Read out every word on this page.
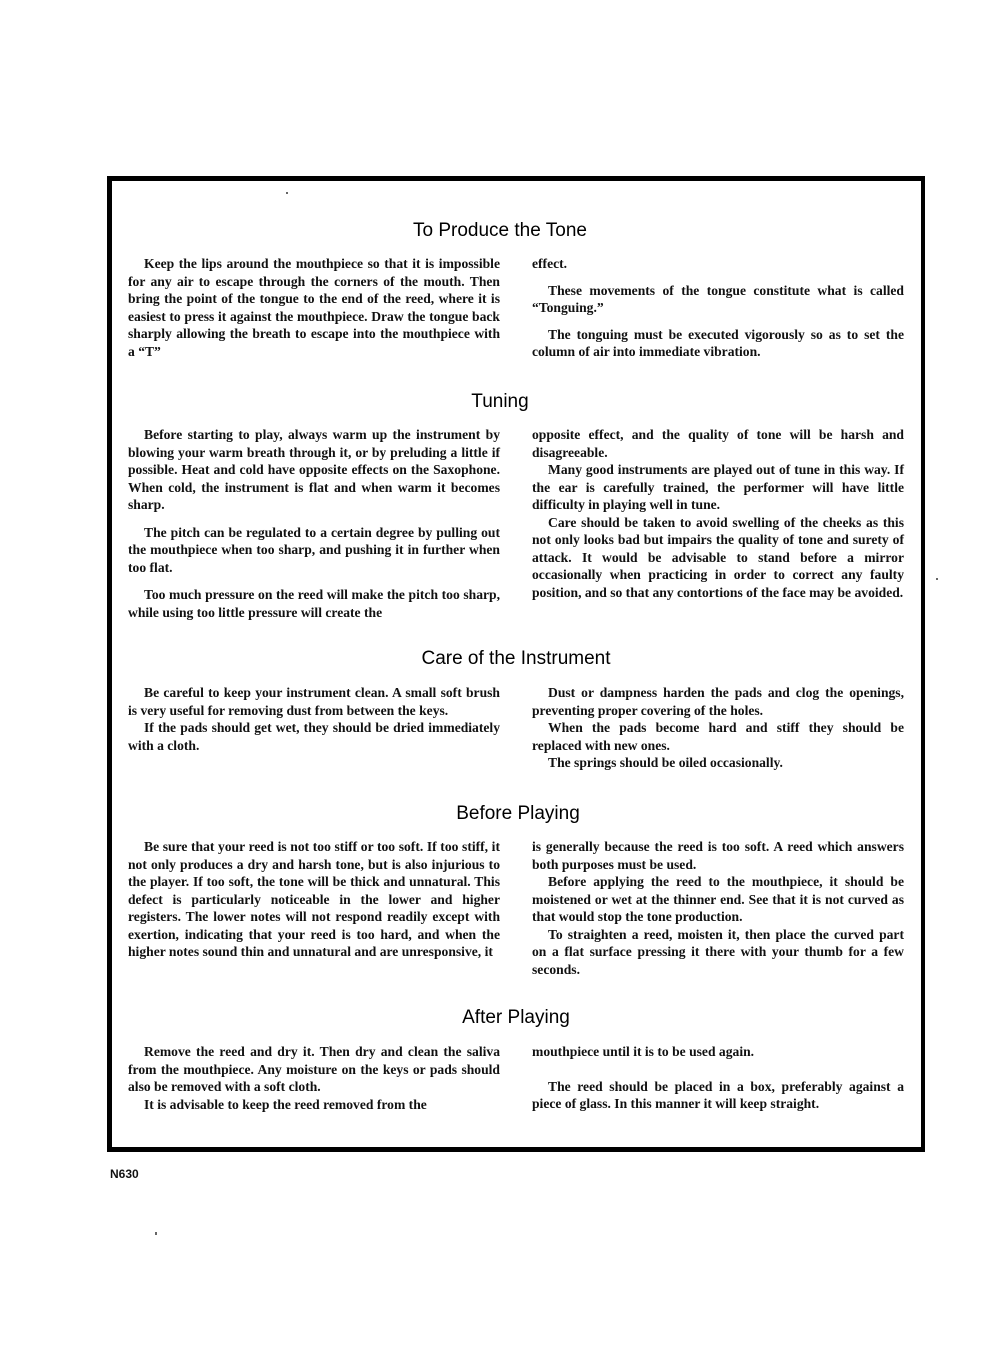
To Produce the Tone

Keep the lips around the mouthpiece so that it is impossible for any air to escape through the corners of the mouth. Then bring the point of the tongue to the end of the reed, where it is easiest to press it against the mouthpiece. Draw the tongue back sharply allowing the breath to escape into the mouthpiece with a “T”

effect.

These movements of the tongue constitute what is called “Tonguing.”

The tonguing must be executed vigorously so as to set the column of air into immediate vibration.

Tuning

Before starting to play, always warm up the instrument by blowing your warm breath through it, or by preluding a little if possible. Heat and cold have opposite effects on the Saxophone. When cold, the instrument is flat and when warm it becomes sharp.

The pitch can be regulated to a certain degree by pulling out the mouthpiece when too sharp, and pushing it in further when too flat.

Too much pressure on the reed will make the pitch too sharp, while using too little pressure will create the

opposite effect, and the quality of tone will be harsh and disagreeable.

Many good instruments are played out of tune in this way. If the ear is carefully trained, the performer will have little difficulty in playing well in tune.

Care should be taken to avoid swelling of the cheeks as this not only looks bad but impairs the quality of tone and surety of attack. It would be advisable to stand before a mirror occasionally when practicing in order to correct any faulty position, and so that any contortions of the face may be avoided.

Care of the Instrument

Be careful to keep your instrument clean. A small soft brush is very useful for removing dust from between the keys.

If the pads should get wet, they should be dried immediately with a cloth.

Dust or dampness harden the pads and clog the openings, preventing proper covering of the holes.

When the pads become hard and stiff they should be replaced with new ones.

The springs should be oiled occasionally.

Before Playing

Be sure that your reed is not too stiff or too soft. If too stiff, it not only produces a dry and harsh tone, but is also injurious to the player. If too soft, the tone will be thick and unnatural. This defect is particularly noticeable in the lower and higher registers. The lower notes will not respond readily except with exertion, indicating that your reed is too hard, and when the higher notes sound thin and unnatural and are unresponsive, it

is generally because the reed is too soft. A reed which answers both purposes must be used.

Before applying the reed to the mouthpiece, it should be moistened or wet at the thinner end. See that it is not curved as that would stop the tone production.

To straighten a reed, moisten it, then place the curved part on a flat surface pressing it there with your thumb for a few seconds.

After Playing

Remove the reed and dry it. Then dry and clean the saliva from the mouthpiece. Any moisture on the keys or pads should also be removed with a soft cloth.

It is advisable to keep the reed removed from the

mouthpiece until it is to be used again.

The reed should be placed in a box, preferably against a piece of glass. In this manner it will keep straight.

N630
